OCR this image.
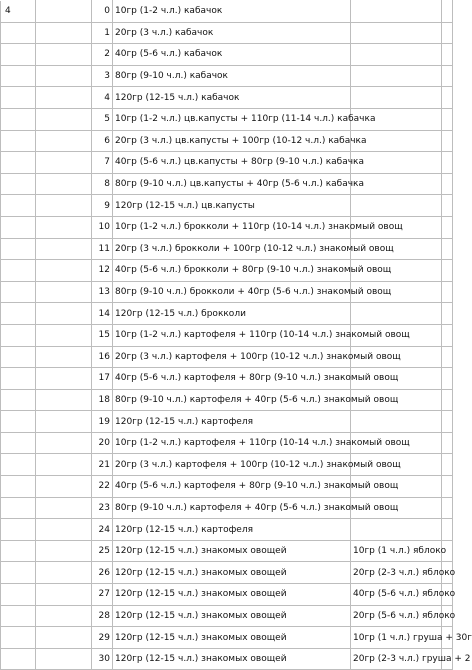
4		0	10гр (1-2 ч.л.) кабачок		
		1	20гр (3 ч.л.) кабачок		
		2	40гр (5-6 ч.л.) кабачок		
		3	80гр (9-10 ч.л.) кабачок		
		4	120гр (12-15 ч.л.) кабачок		
		5	10гр (1-2 ч.л.) цв.капусты + 110гр (11-14 ч.л.) кабачка		
		6	20гр (3 ч.л.) цв.капусты + 100гр (10-12 ч.л.) кабачка		
		7	40гр (5-6 ч.л.) цв.капусты + 80гр (9-10 ч.л.) кабачка		
		8	80гр (9-10 ч.л.) цв.капусты + 40гр (5-6 ч.л.) кабачка		
		9	120гр (12-15 ч.л.) цв.капусты		
		10	10гр (1-2 ч.л.) брокколи + 110гр (10-14 ч.л.) знакомый овощ		
		11	20гр (3 ч.л.) брокколи + 100гр (10-12 ч.л.) знакомый овощ		
		12	40гр (5-6 ч.л.) брокколи + 80гр (9-10 ч.л.) знакомый овощ		
		13	80гр (9-10 ч.л.) брокколи + 40гр (5-6 ч.л.) знакомый овощ		
		14	120гр (12-15 ч.л.) брокколи		
		15	10гр (1-2 ч.л.) картофеля + 110гр (10-14 ч.л.) знакомый овощ		
		16	20гр (3 ч.л.) картофеля + 100гр (10-12 ч.л.) знакомый овощ		
		17	40гр (5-6 ч.л.) картофеля + 80гр (9-10 ч.л.) знакомый овощ		
		18	80гр (9-10 ч.л.) картофеля + 40гр (5-6 ч.л.) знакомый овощ		
		19	120гр (12-15 ч.л.) картофеля		
		20	10гр (1-2 ч.л.) картофеля + 110гр (10-14 ч.л.) знакомый овощ		
		21	20гр (3 ч.л.) картофеля + 100гр (10-12 ч.л.) знакомый овощ		
		22	40гр (5-6 ч.л.) картофеля + 80гр (9-10 ч.л.) знакомый овощ		
		23	80гр (9-10 ч.л.) картофеля + 40гр (5-6 ч.л.) знакомый овощ		
		24	120гр (12-15 ч.л.) картофеля		
		25	120гр (12-15 ч.л.) знакомых овощей	10гр (1 ч.л.) яблоко	
		26	120гр (12-15 ч.л.) знакомых овощей	20гр (2-3 ч.л.) яблоко	
		27	120гр (12-15 ч.л.) знакомых овощей	40гр (5-6 ч.л.) яблоко	
		28	120гр (12-15 ч.л.) знакомых овощей	20гр (5-6 ч.л.) яблоко	
		29	120гр (12-15 ч.л.) знакомых овощей	10гр (1 ч.л.) груша + 30г	
		30	120гр (12-15 ч.л.) знакомых овощей	20гр (2-3 ч.л.) груша + 2	
